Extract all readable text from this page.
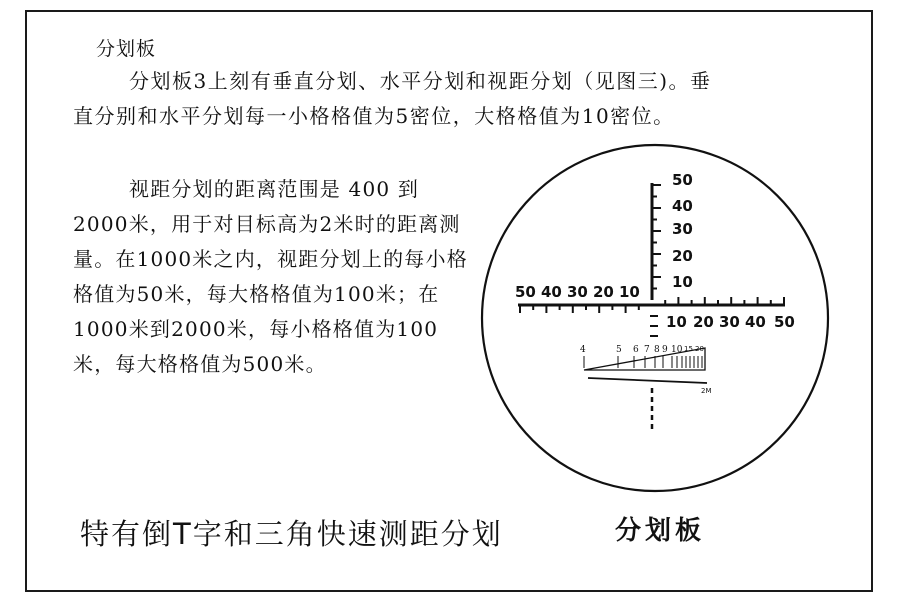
分划板

分划板3上刻有垂直分划、水平分划和视距分划（见图三)。垂直分别和水平分划每一小格格值为5密位，大格格值为10密位。

视距分划的距离范围是 400 到2000米，用于对目标高为2米时的距离测量。在1000米之内，视距分划上的每小格格值为50米，每大格格值为100米；在1000米到2000米，每小格格值为100米，每大格格值为500米。

50
40
30
20
10
50 40 30 20 10
10 20 30 40 50
4	5 6 7 8 9 10 15 20
2M
特有倒T字和三角快速测距分划	分划板
